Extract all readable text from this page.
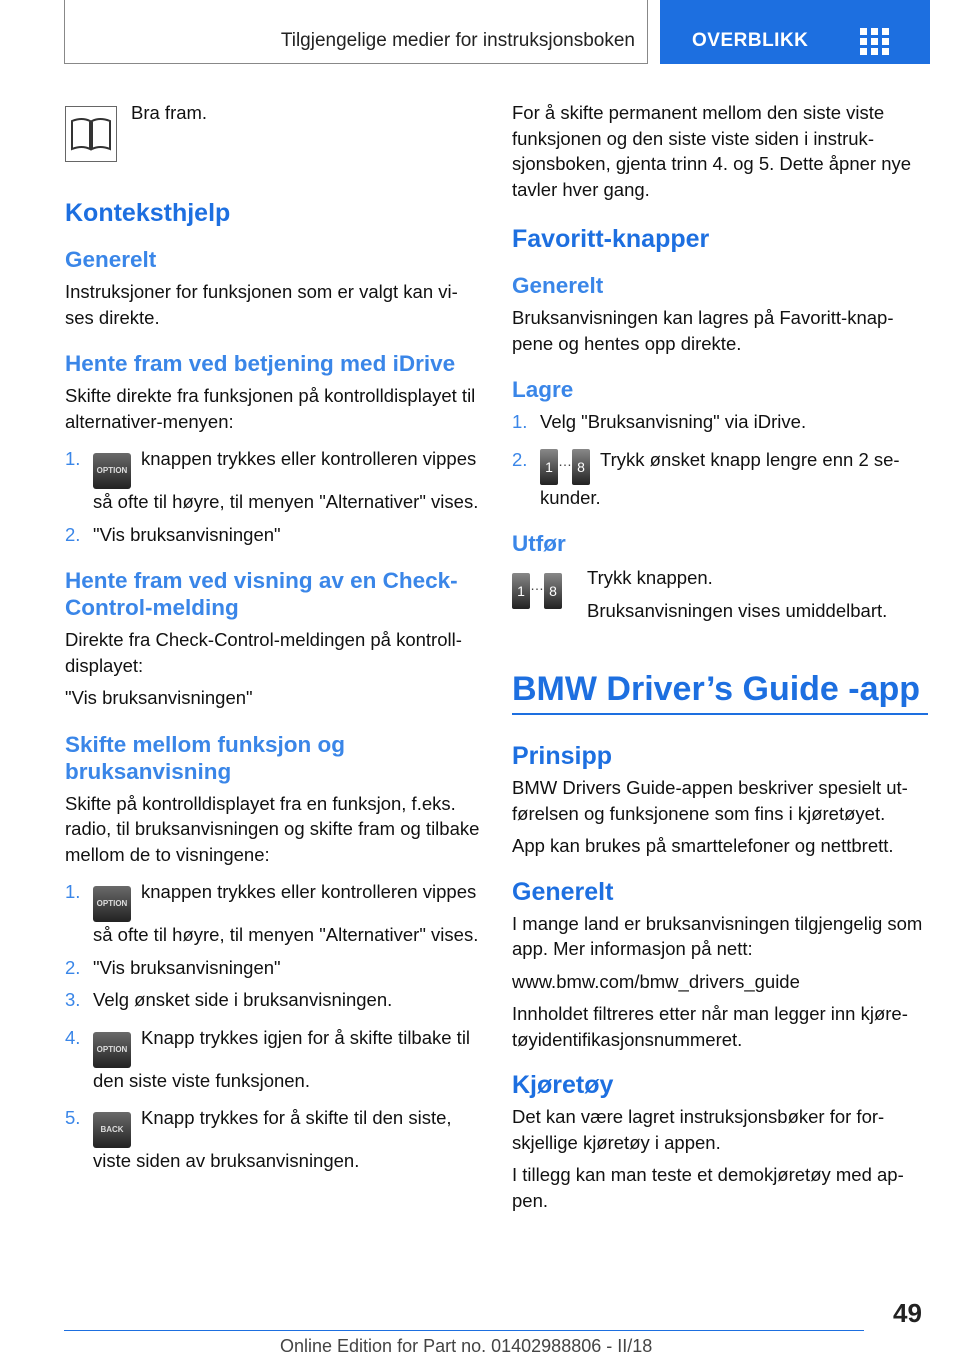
Tilgjengelige medier for instruksjonsboken	OVERBLIKK

Bra fram.

Konteksthjelp
Generelt

Instruksjoner for funksjonen som er valgt kan vises direkte.

Hente fram ved betjening med iDrive

Skifte direkte fra funksjonen på kontrolldisplayet til alternativer-menyen:

1.
OPTIONknappen trykkes eller kontrolleren vippes så ofte til høyre, til menyen "Alternativer" vises.
2. "Vis bruksanvisningen"
Hente fram ved visning av en Check-Control-melding

Direkte fra Check-Control-meldingen på kontrolldisplayet:

"Vis bruksanvisningen"

Skifte mellom funksjon og bruksanvisning

Skifte på kontrolldisplayet fra en funksjon, f.eks. radio, til bruksanvisningen og skifte fram og tilbake mellom de to visningene:

1.
OPTIONknappen trykkes eller kontrolleren vippes så ofte til høyre, til menyen "Alternativer" vises.
2. "Vis bruksanvisningen"
3. Velg ønsket side i bruksanvisningen.
4.
OPTIONKnapp trykkes igjen for å skifte tilbake til den siste viste funksjonen.
5.
BACKKnapp trykkes for å skifte til den siste, viste siden av bruksanvisningen.

For å skifte permanent mellom den siste viste funksjonen og den siste viste siden i instruksjonsboken, gjenta trinn 4. og 5. Dette åpner nye tavler hver gang.

Favoritt-knapper
Generelt

Bruksanvisningen kan lagres på Favoritt-knappene og hentes opp direkte.

Lagre
1. Velg "Bruksanvisning" via iDrive.
2. 1 … 8 Trykk ønsket knapp lengre enn 2 sekunder.
Utfør
1 … 8

Trykk knappen.

Bruksanvisningen vises umiddelbart.

BMW Driver’s Guide -app
Prinsipp

BMW Drivers Guide-appen beskriver spesielt utførelsen og funksjonene som fins i kjøretøyet.

App kan brukes på smarttelefoner og nettbrett.

Generelt

I mange land er bruksanvisningen tilgjengelig som app. Mer informasjon på nett:

www.bmw.com/bmw_drivers_guide

Innholdet filtreres etter når man legger inn kjøretøyidentifikasjonsnummeret.

Kjøretøy

Det kan være lagret instruksjonsbøker for forskjellige kjøretøy i appen.

I tillegg kan man teste et demokjøretøy med appen.

49
Online Edition for Part no. 01402988806 - II/18
